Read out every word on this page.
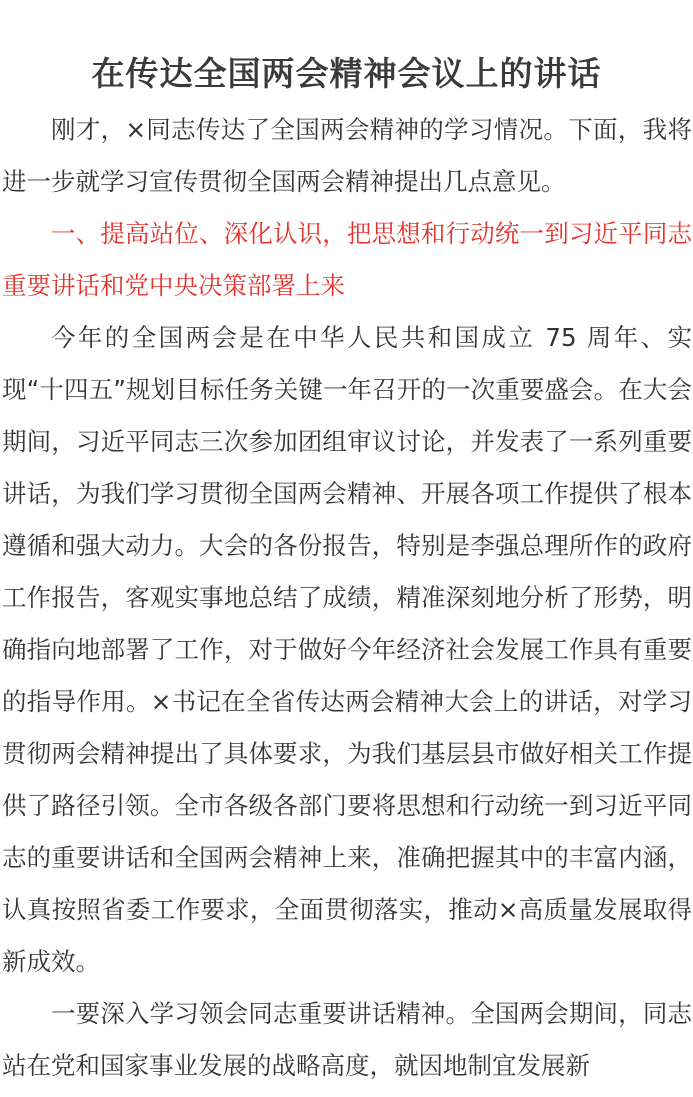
在传达全国两会精神会议上的讲话

刚才，×同志传达了全国两会精神的学习情况。下面，我将进一步就学习宣传贯彻全国两会精神提出几点意见。

一、提高站位、深化认识，把思想和行动统一到习近平同志重要讲话和党中央决策部署上来

今年的全国两会是在中华人民共和国成立 75 周年、实现“十四五”规划目标任务关键一年召开的一次重要盛会。在大会期间，习近平同志三次参加团组审议讨论，并发表了一系列重要讲话，为我们学习贯彻全国两会精神、开展各项工作提供了根本遵循和强大动力。大会的各份报告，特别是李强总理所作的政府工作报告，客观实事地总结了成绩，精准深刻地分析了形势，明确指向地部署了工作，对于做好今年经济社会发展工作具有重要的指导作用。×书记在全省传达两会精神大会上的讲话，对学习贯彻两会精神提出了具体要求，为我们基层县市做好相关工作提供了路径引领。全市各级各部门要将思想和行动统一到习近平同志的重要讲话和全国两会精神上来，准确把握其中的丰富内涵，认真按照省委工作要求，全面贯彻落实，推动×高质量发展取得新成效。

一要深入学习领会同志重要讲话精神。全国两会期间，同志站在党和国家事业发展的战略高度，就因地制宜发展新
